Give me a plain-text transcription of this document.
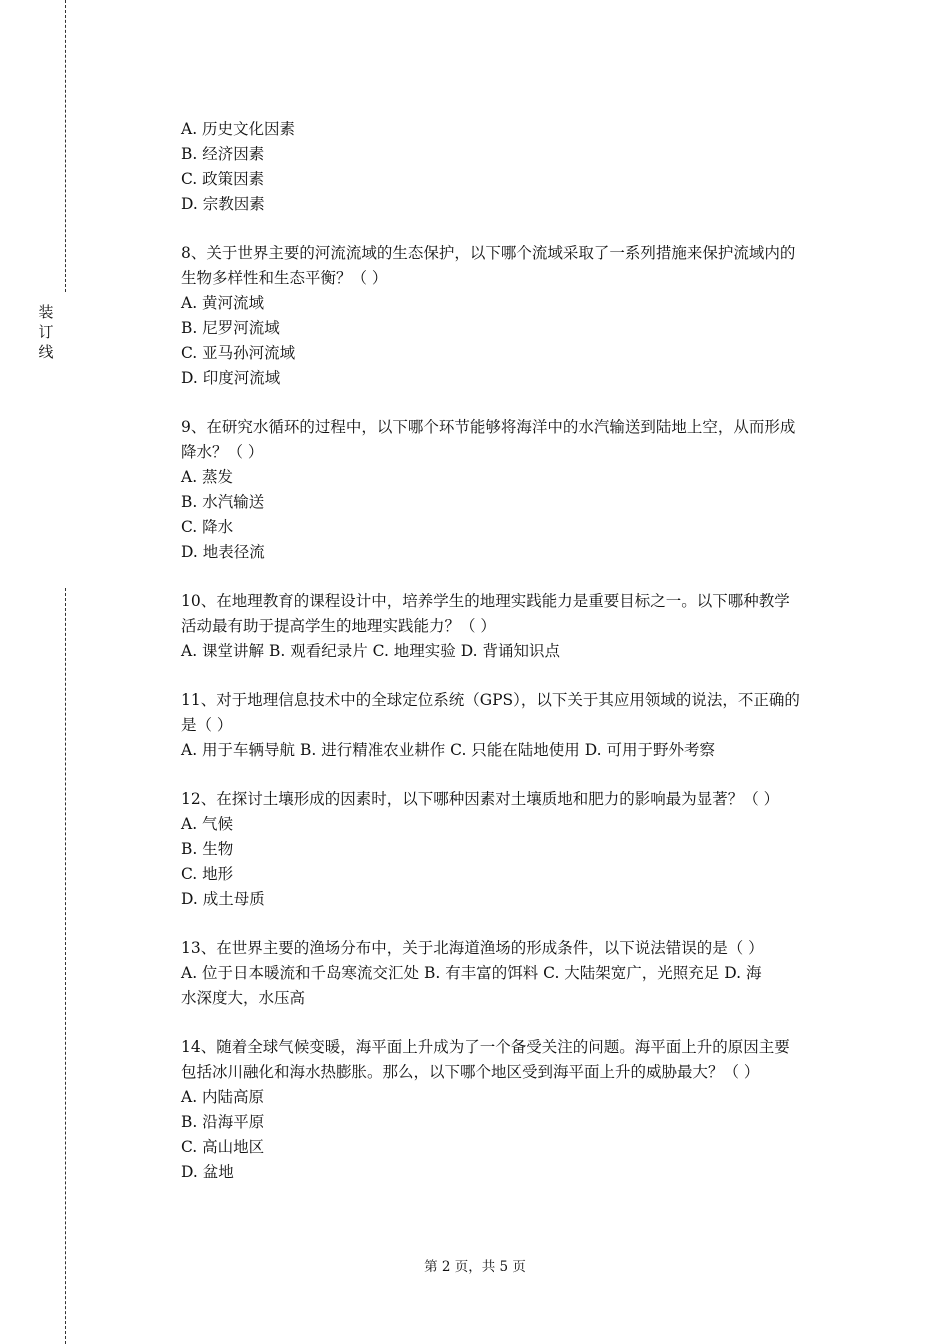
装
订
线
A. 历史文化因素
B. 经济因素
C. 政策因素
D. 宗教因素
8、关于世界主要的河流流域的生态保护，以下哪个流域采取了一系列措施来保护流域内的
生物多样性和生态平衡？（ ）
A. 黄河流域
B. 尼罗河流域
C. 亚马孙河流域
D. 印度河流域
9、在研究水循环的过程中，以下哪个环节能够将海洋中的水汽输送到陆地上空，从而形成
降水？（ ）
A. 蒸发
B. 水汽输送
C. 降水
D. 地表径流
10、在地理教育的课程设计中，培养学生的地理实践能力是重要目标之一。以下哪种教学
活动最有助于提高学生的地理实践能力？（ ）
A. 课堂讲解 B. 观看纪录片 C. 地理实验 D. 背诵知识点
11、对于地理信息技术中的全球定位系统（GPS），以下关于其应用领域的说法，不正确的
是（ ）
A. 用于车辆导航 B. 进行精准农业耕作 C. 只能在陆地使用 D. 可用于野外考察
12、在探讨土壤形成的因素时，以下哪种因素对土壤质地和肥力的影响最为显著？（ ）
A. 气候
B. 生物
C. 地形
D. 成土母质
13、在世界主要的渔场分布中，关于北海道渔场的形成条件，以下说法错误的是（ ）
A. 位于日本暖流和千岛寒流交汇处 B. 有丰富的饵料 C. 大陆架宽广，光照充足 D. 海
水深度大，水压高
14、随着全球气候变暖，海平面上升成为了一个备受关注的问题。海平面上升的原因主要
包括冰川融化和海水热膨胀。那么，以下哪个地区受到海平面上升的威胁最大？（ ）
A. 内陆高原
B. 沿海平原
C. 高山地区
D. 盆地
第 2 页，共 5 页
